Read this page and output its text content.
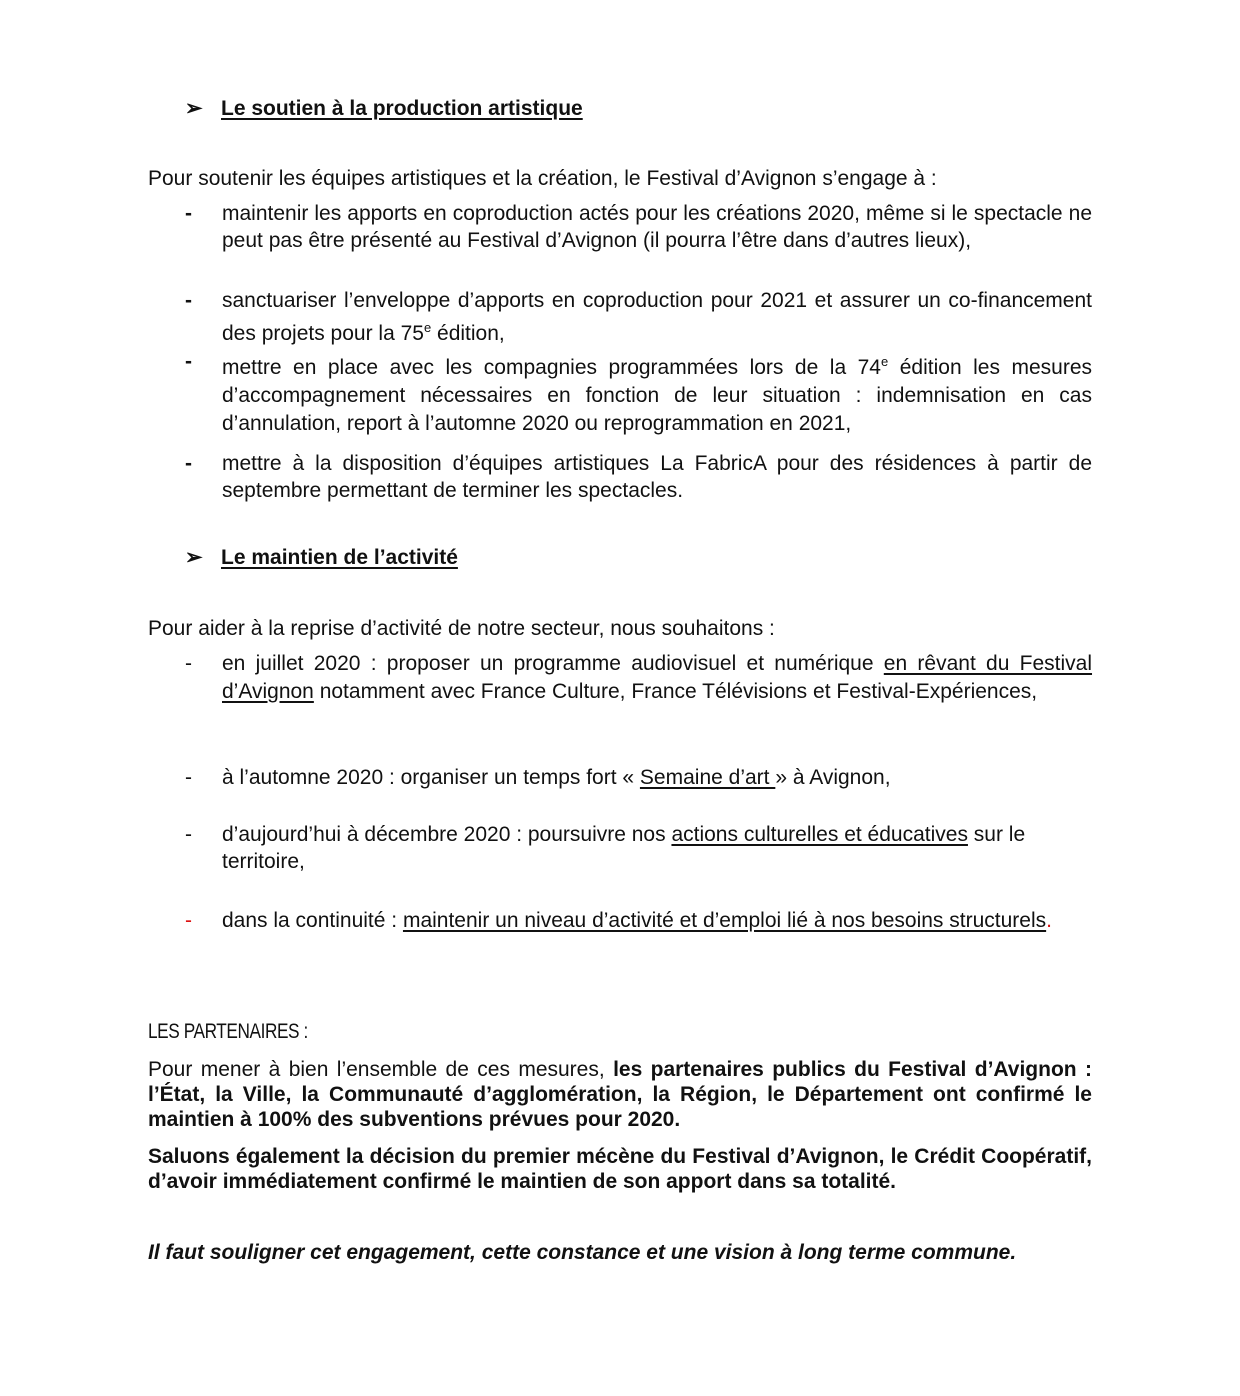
➢ Le soutien à la production artistique
Pour soutenir les équipes artistiques et la création, le Festival d’Avignon s’engage à :
-	maintenir les apports en coproduction actés pour les créations 2020, même si le spectacle ne peut pas être présenté au Festival d’Avignon (il pourra l’être dans d’autres lieux),
-	sanctuariser l’enveloppe d’apports en coproduction pour 2021 et assurer un co-financement des projets pour la 75e édition,
-	mettre en place avec les compagnies programmées lors de la 74e édition les mesures d’accompagnement nécessaires en fonction de leur situation : indemnisation en cas d’annulation, report à l’automne 2020 ou reprogrammation en 2021,
-	mettre à la disposition d’équipes artistiques La FabricA pour des résidences à partir de septembre permettant de terminer les spectacles.
➢ Le maintien de l’activité
Pour aider à la reprise d’activité de notre secteur, nous souhaitons :
-	en juillet 2020 : proposer un programme audiovisuel et numérique en rêvant du Festival d’Avignon notamment avec France Culture, France Télévisions et Festival-Expériences,
-	à l’automne 2020 : organiser un temps fort « Semaine d’art » à Avignon,
-	d’aujourd’hui à décembre 2020 : poursuivre nos actions culturelles et éducatives sur le territoire,
-	dans la continuité : maintenir un niveau d’activité et d’emploi lié à nos besoins structurels.
LES PARTENAIRES :
Pour mener à bien l’ensemble de ces mesures, les partenaires publics du Festival d’Avignon : l’État, la Ville, la Communauté d’agglomération, la Région, le Département ont confirmé le maintien à 100% des subventions prévues pour 2020.
Saluons également la décision du premier mécène du Festival d’Avignon, le Crédit Coopératif, d’avoir immédiatement confirmé le maintien de son apport dans sa totalité.
Il faut souligner cet engagement, cette constance et une vision à long terme commune.
